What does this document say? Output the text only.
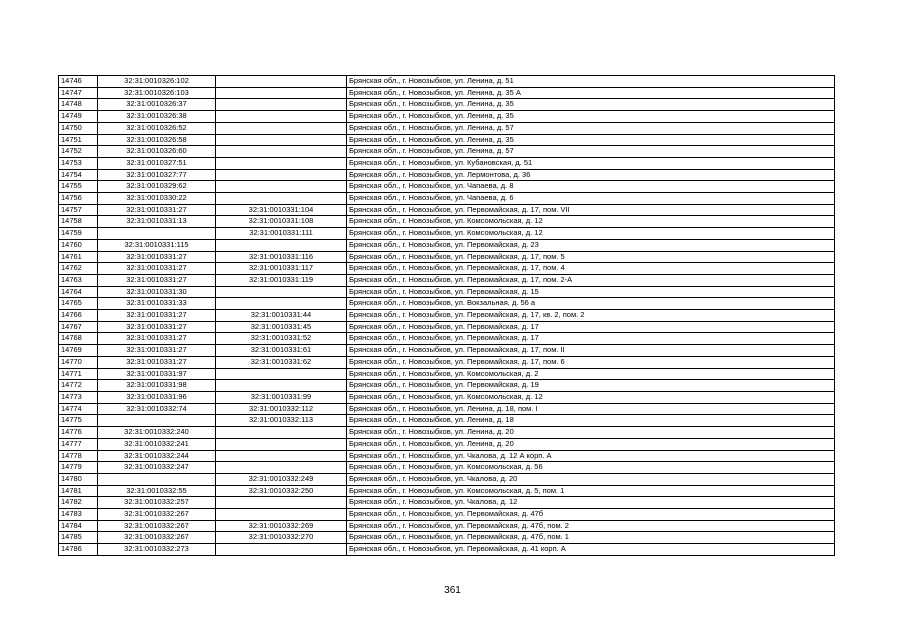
14746	32:31:0010326:102		Брянская обл., г. Новозыбков, ул. Ленина, д. 51
14747	32:31:0010326:103		Брянская обл., г. Новозыбков, ул. Ленина, д. 35 А
14748	32:31:0010326:37		Брянская обл., г. Новозыбков, ул. Ленина, д. 35
14749	32:31:0010326:38		Брянская обл., г. Новозыбков, ул. Ленина, д. 35
14750	32:31:0010326:52		Брянская обл., г. Новозыбков, ул. Ленина, д. 57
14751	32:31:0010326:58		Брянская обл., г. Новозыбков, ул. Ленина, д. 35
14752	32:31:0010326:60		Брянская обл., г. Новозыбков, ул. Ленина, д. 57
14753	32:31:0010327:51		Брянская обл., г. Новозыбков, ул. Кубановская, д. 51
14754	32:31:0010327:77		Брянская обл., г. Новозыбков, ул. Лермонтова, д. 36
14755	32:31:0010329:62		Брянская обл., г. Новозыбков, ул. Чапаева, д. 8
14756	32:31:0010330:22		Брянская обл., г. Новозыбков, ул. Чапаева, д. 6
14757	32:31:0010331:27	32:31:0010331:104	Брянская обл., г. Новозыбков, ул. Первомайская, д. 17, пом. VII
14758	32:31:0010331:13	32:31:0010331:108	Брянская обл., г. Новозыбков, ул. Комсомольская, д. 12
14759		32:31:0010331:111	Брянская обл., г. Новозыбков, ул. Комсомольская, д. 12
14760	32:31:0010331:115		Брянская обл., г. Новозыбков, ул. Первомайская, д. 23
14761	32:31:0010331:27	32:31:0010331:116	Брянская обл., г. Новозыбков, ул. Первомайская, д. 17, пом. 5
14762	32:31:0010331:27	32:31:0010331:117	Брянская обл., г. Новозыбков, ул. Первомайская, д. 17, пом. 4
14763	32:31:0010331:27	32:31:0010331:119	Брянская обл., г. Новозыбков, ул. Первомайская, д. 17, пом. 2-А
14764	32:31:0010331:30		Брянская обл., г. Новозыбков, ул. Первомайская, д. 15
14765	32:31:0010331:33		Брянская обл., г. Новозыбков, ул. Вокзальная, д. 56 а
14766	32:31:0010331:27	32:31:0010331:44	Брянская обл., г. Новозыбков, ул. Первомайская, д. 17, кв. 2, пом. 2
14767	32:31:0010331:27	32:31:0010331:45	Брянская обл., г. Новозыбков, ул. Первомайская, д. 17
14768	32:31:0010331:27	32:31:0010331:52	Брянская обл., г. Новозыбков, ул. Первомайская, д. 17
14769	32:31:0010331:27	32:31:0010331:61	Брянская обл., г. Новозыбков, ул. Первомайская, д. 17, пом. II
14770	32:31:0010331:27	32:31:0010331:62	Брянская обл., г. Новозыбков, ул. Первомайская, д. 17, пом. 6
14771	32:31:0010331:97		Брянская обл., г. Новозыбков, ул. Комсомольская, д. 2
14772	32:31:0010331:98		Брянская обл., г. Новозыбков, ул. Первомайская, д. 19
14773	32:31:0010331:96	32:31:0010331:99	Брянская обл., г. Новозыбков, ул. Комсомольская, д. 12
14774	32:31:0010332:74	32:31:0010332:112	Брянская обл., г. Новозыбков, ул. Ленина, д. 18, пом. I
14775		32:31:0010332:113	Брянская обл., г. Новозыбков, ул. Ленина, д. 18
14776	32:31:0010332:240		Брянская обл., г. Новозыбков, ул. Ленина, д. 20
14777	32:31:0010332:241		Брянская обл., г. Новозыбков, ул. Ленина, д. 20
14778	32:31:0010332:244		Брянская обл., г. Новозыбков, ул. Чкалова, д. 12 А корп. А
14779	32:31:0010332:247		Брянская обл., г. Новозыбков, ул. Комсомольская, д. 56
14780		32:31:0010332:249	Брянская обл., г. Новозыбков, ул. Чкалова, д. 20
14781	32:31:0010332:55	32:31:0010332:250	Брянская обл., г. Новозыбков, ул. Комсомольская, д. 5, пом. 1
14782	32:31:0010332:257		Брянская обл., г. Новозыбков, ул. Чкалова, д. 12
14783	32:31:0010332:267		Брянская обл., г. Новозыбков, ул. Первомайская, д. 47б
14784	32:31:0010332:267	32:31:0010332:269	Брянская обл., г. Новозыбков, ул. Первомайская, д. 47б, пом. 2
14785	32:31:0010332:267	32:31:0010332:270	Брянская обл., г. Новозыбков, ул. Первомайская, д. 47б, пом. 1
14786	32:31:0010332:273		Брянская обл., г. Новозыбков, ул. Первомайская, д. 41 корп. А
361
